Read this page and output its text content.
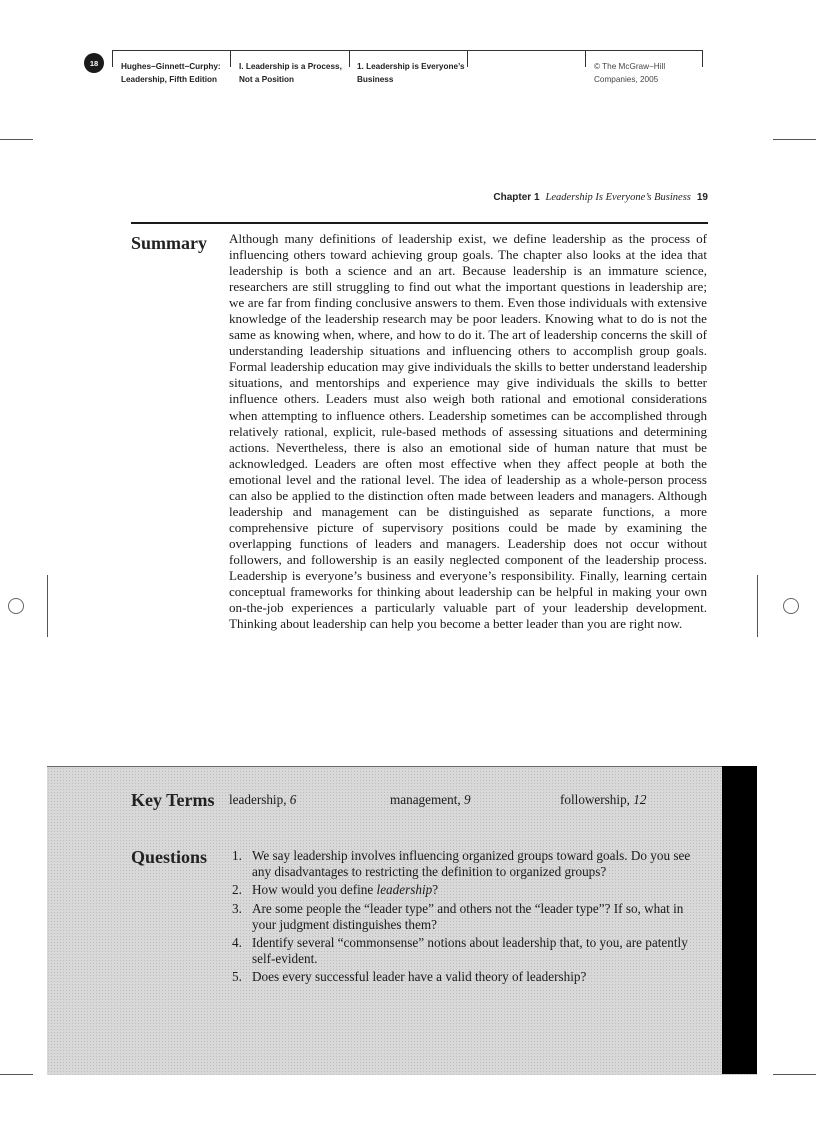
18	Hughes−Ginnett−Curphy:
Leadership, Fifth Edition
I. Leadership is a Process,
Not a Position
1. Leadership is Everyone’s
Business
© The McGraw−Hill
Companies, 2005
Chapter 1 Leadership Is Everyone’s Business 19
Summary Although many definitions of leadership exist, we define leadership as the process of influencing others toward achieving group goals. The chapter also looks at the idea that leadership is both a science and an art. Because leadership is an immature science, researchers are still struggling to find out what the important questions in leadership are; we are far from finding conclusive answers to them. Even those individuals with extensive knowledge of the leadership research may be poor leaders. Knowing what to do is not the same as knowing when, where, and how to do it. The art of leadership concerns the skill of understanding leadership situations and influencing others to accomplish group goals. Formal leadership education may give individuals the skills to better understand leadership situations, and mentorships and experience may give individuals the skills to better influence others. Leaders must also weigh both rational and emotional considerations when attempting to influence others. Leadership sometimes can be accomplished through relatively rational, explicit, rule-based methods of assessing situations and determining actions. Nevertheless, there is also an emotional side of human nature that must be acknowledged. Leaders are often most effective when they affect people at both the emotional level and the rational level. The idea of leadership as a whole-person process can also be applied to the distinction often made between leaders and managers. Although leadership and management can be distinguished as separate functions, a more comprehensive picture of supervisory positions could be made by examining the overlapping functions of leaders and managers. Leadership does not occur without followers, and followership is an easily neglected component of the leadership process. Leadership is everyone’s business and everyone’s responsibility. Finally, learning certain conceptual frameworks for thinking about leadership can be helpful in making your own on-the-job experiences a particularly valuable part of your leadership development. Thinking about leadership can help you become a better leader than you are right now.

Key Terms leadership, 6	management, 9	followership, 12
Questions 1. We say leadership involves influencing organized groups toward goals. Do you see any disadvantages to restricting the definition to organized groups?
2. How would you define leadership?
3. Are some people the “leader type” and others not the “leader type”? If so, what in your judgment distinguishes them?
4. Identify several “commonsense” notions about leadership that, to you, are patently self-evident.
5. Does every successful leader have a valid theory of leadership?
